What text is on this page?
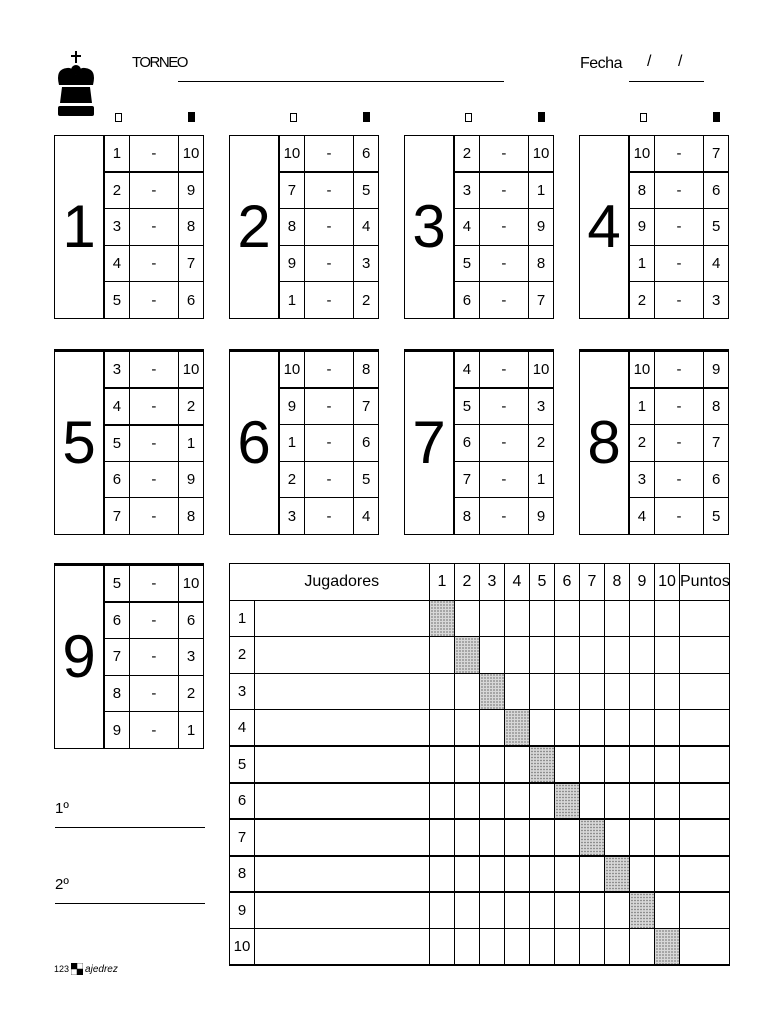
TORNEO	Fecha / /
1
1	-	10
2	-	9
3	-	8
4	-	7
5	-	6
2
10	-	6
7	-	5
8	-	4
9	-	3
1	-	2
3
2	-	10
3	-	1
4	-	9
5	-	8
6	-	7
4
10	-	7
8	-	6
9	-	5
1	-	4
2	-	3
5
3	-	10
4	-	2
5	-	1
6	-	9
7	-	8
6
10	-	8
9	-	7
1	-	6
2	-	5
3	-	4
7
4	-	10
5	-	3
6	-	2
7	-	1
8	-	9
8
10	-	9
1	-	8
2	-	7
3	-	6
4	-	5
9
5	-	10
6	-	6
7	-	3
8	-	2
9	-	1
	Jugadores	1	2	3	4	5	6	7	8	9	10	Puntos
1												
2												
3												
4												
5												
6												
7												
8												
9												
10												
1º
2º
123 ajedrez
